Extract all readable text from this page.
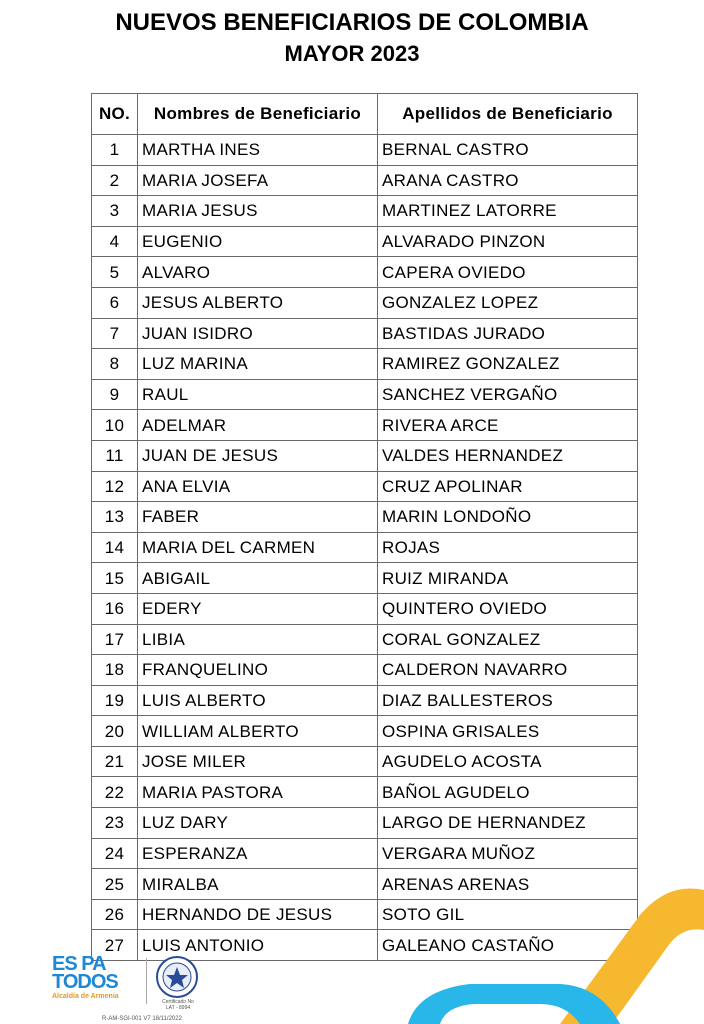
NUEVOS BENEFICIARIOS DE COLOMBIA
MAYOR 2023
NO.	Nombres de Beneficiario	Apellidos de Beneficiario
1	MARTHA INES	BERNAL CASTRO
2	MARIA JOSEFA	ARANA CASTRO
3	MARIA JESUS	MARTINEZ LATORRE
4	EUGENIO	ALVARADO PINZON
5	ALVARO	CAPERA OVIEDO
6	JESUS ALBERTO	GONZALEZ LOPEZ
7	JUAN ISIDRO	BASTIDAS JURADO
8	LUZ MARINA	RAMIREZ GONZALEZ
9	RAUL	SANCHEZ VERGAÑO
10	ADELMAR	RIVERA ARCE
11	JUAN DE JESUS	VALDES HERNANDEZ
12	ANA ELVIA	CRUZ APOLINAR
13	FABER	MARIN LONDOÑO
14	MARIA DEL CARMEN	ROJAS
15	ABIGAIL	RUIZ MIRANDA
16	EDERY	QUINTERO OVIEDO
17	LIBIA	CORAL GONZALEZ
18	FRANQUELINO	CALDERON NAVARRO
19	LUIS ALBERTO	DIAZ BALLESTEROS
20	WILLIAM ALBERTO	OSPINA GRISALES
21	JOSE MILER	AGUDELO ACOSTA
22	MARIA PASTORA	BAÑOL AGUDELO
23	LUZ DARY	LARGO DE HERNANDEZ
24	ESPERANZA	VERGARA MUÑOZ
25	MIRALBA	ARENAS ARENAS
26	HERNANDO DE JESUS	SOTO GIL
27	LUIS ANTONIO	GALEANO CASTAÑO
ES PA
TODOS
Alcaldía de Armenia
Certificado No LAT - 8994
R-AM-SGI-001 V7 18/11/2022
